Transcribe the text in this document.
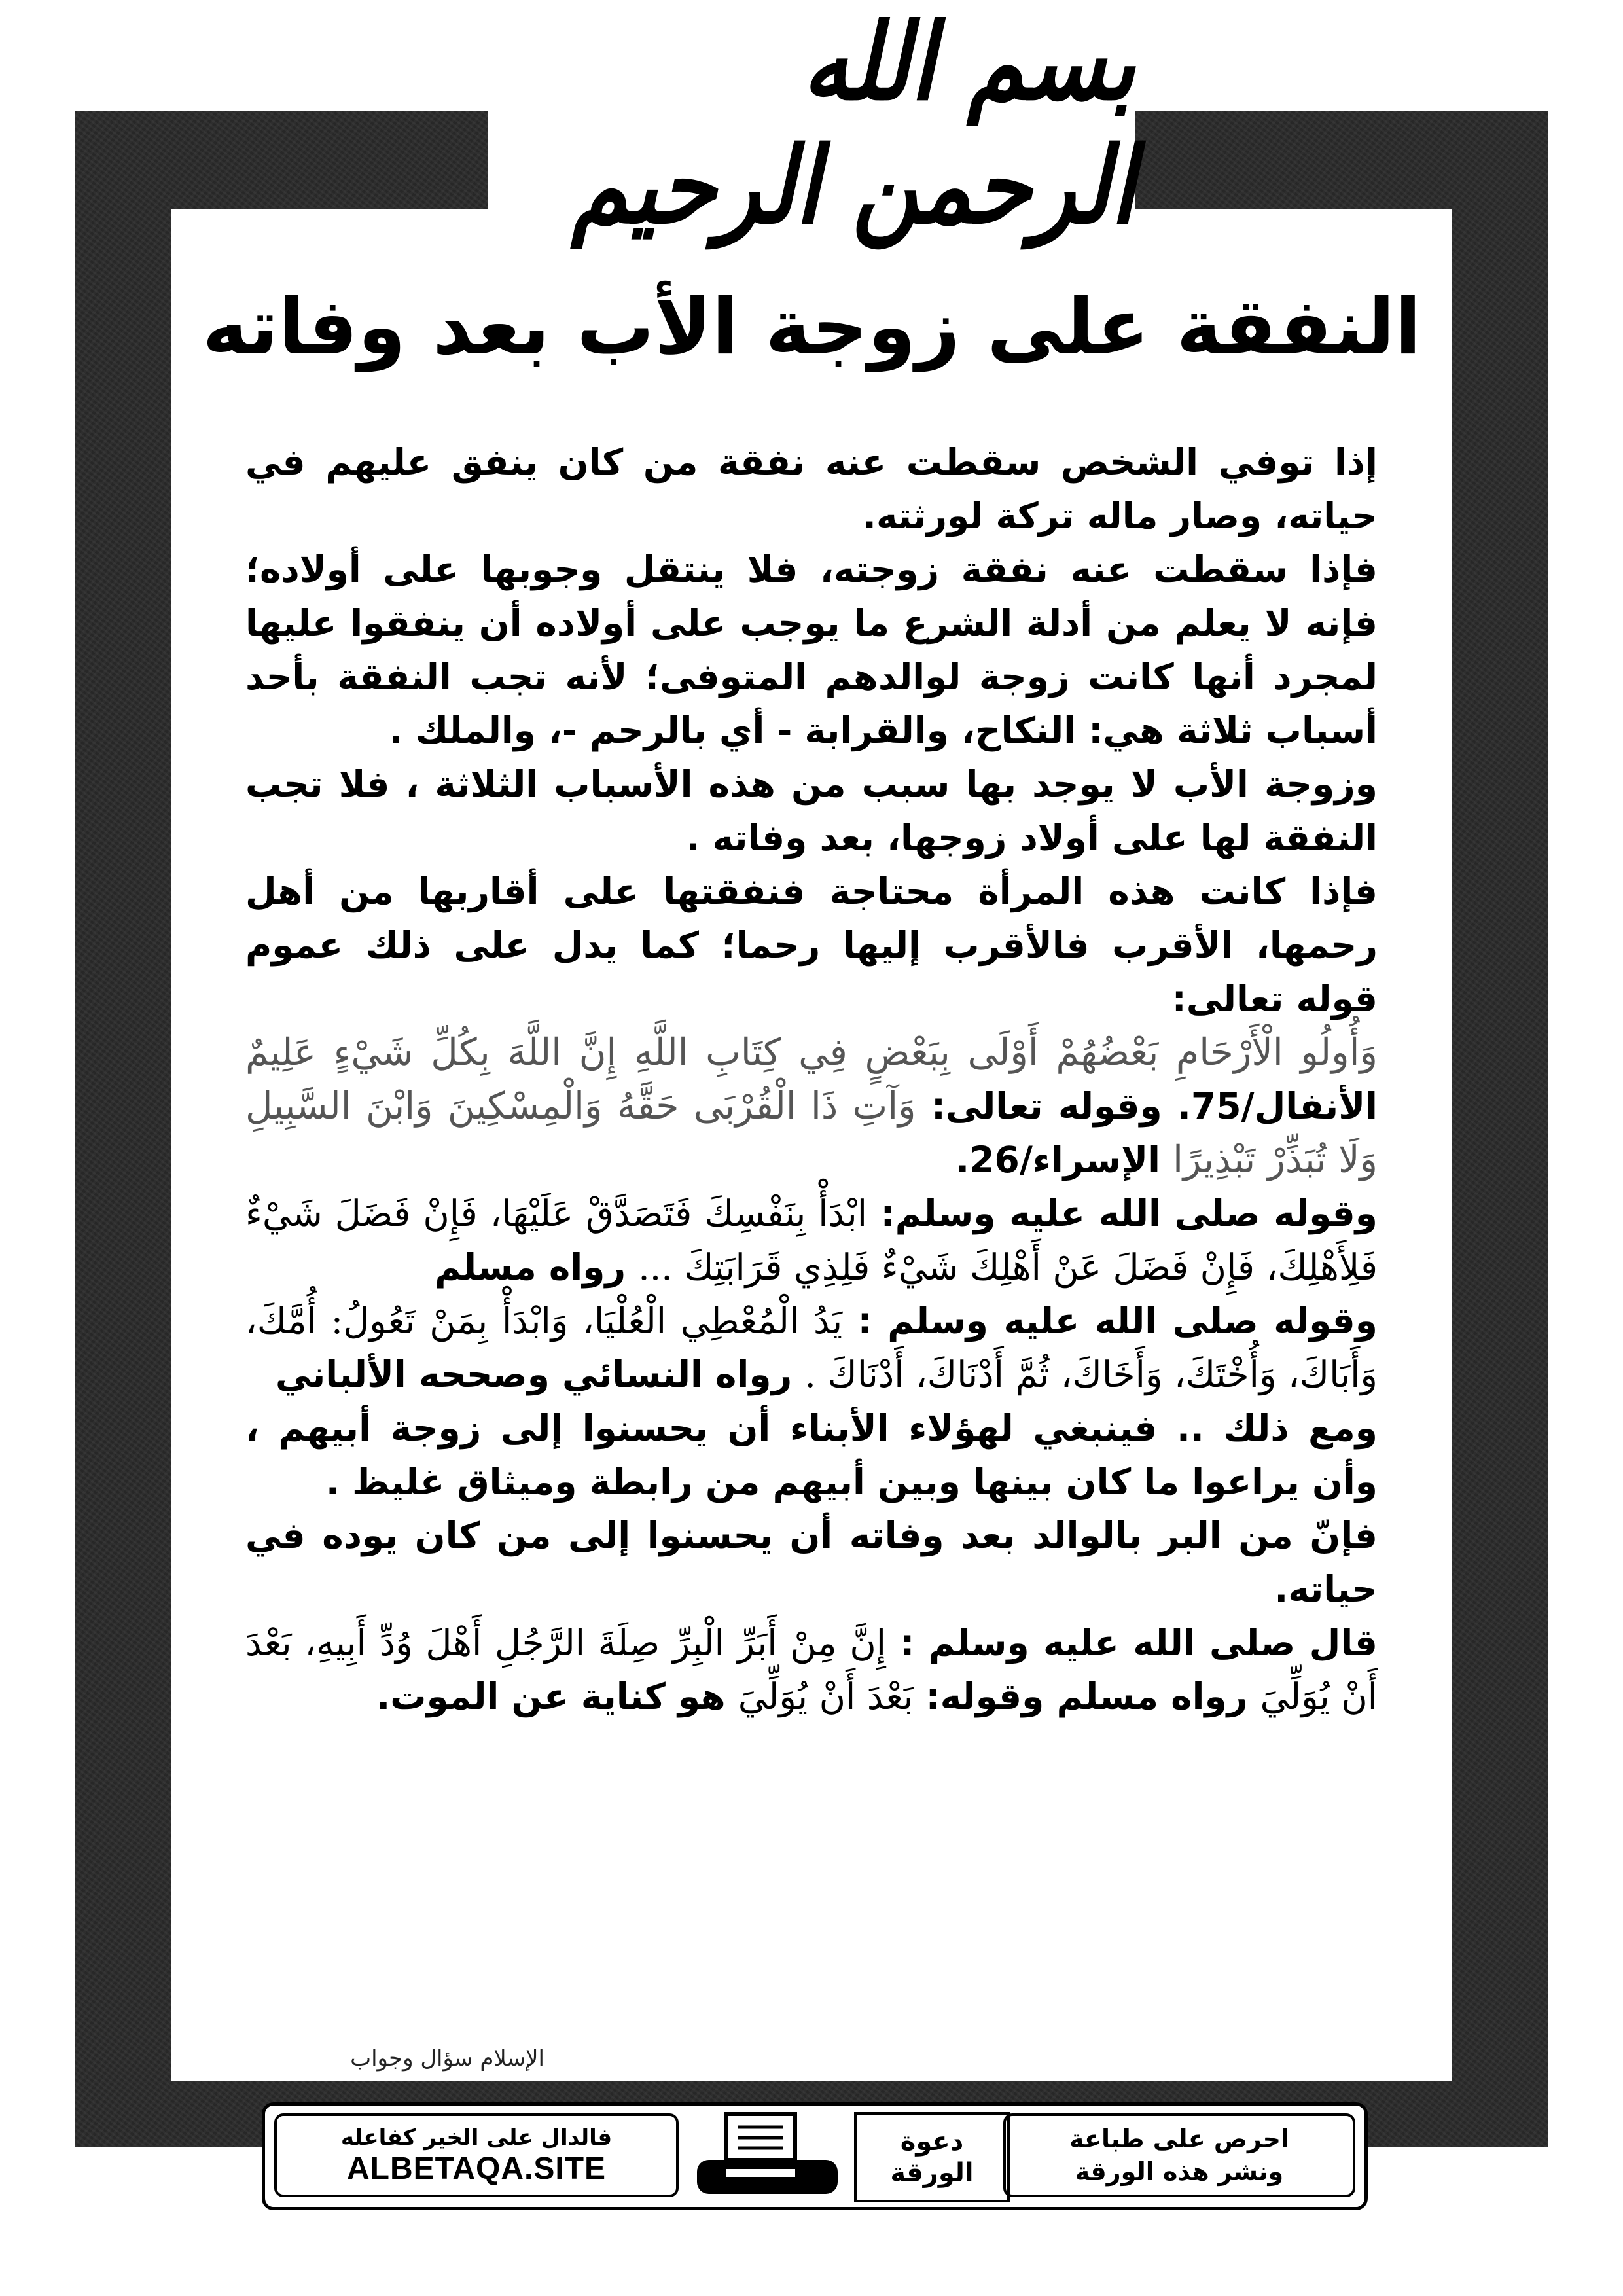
بسم الله الرحمن الرحيم
النفقة على زوجة الأب بعد وفاته

إذا توفي الشخص سقطت عنه نفقة من كان ينفق عليهم في حياته، وصار ماله تركة لورثته.

فإذا سقطت عنه نفقة زوجته، فلا ينتقل وجوبها على أولاده؛ فإنه لا يعلم من أدلة الشرع ما يوجب على أولاده أن ينفقوا عليها لمجرد أنها كانت زوجة لوالدهم المتوفى؛ لأنه تجب النفقة بأحد أسباب ثلاثة هي: النكاح، والقرابة - أي بالرحم -، والملك .

وزوجة الأب لا يوجد بها سبب من هذه الأسباب الثلاثة ، فلا تجب النفقة لها على أولاد زوجها، بعد وفاته .

فإذا كانت هذه المرأة محتاجة فنفقتها على أقاربها من أهل رحمها، الأقرب فالأقرب إليها رحما؛ كما يدل على ذلك عموم قوله تعالى:

وَأُولُو الْأَرْحَامِ بَعْضُهُمْ أَوْلَى بِبَعْضٍ فِي كِتَابِ اللَّهِ إِنَّ اللَّهَ بِكُلِّ شَيْءٍ عَلِيمٌ الأنفال/75. وقوله تعالى: وَآتِ ذَا الْقُرْبَى حَقَّهُ وَالْمِسْكِينَ وَابْنَ السَّبِيلِ وَلَا تُبَذِّرْ تَبْذِيرًا الإسراء/26.

وقوله صلى الله عليه وسلم: ابْدَأْ بِنَفْسِكَ فَتَصَدَّقْ عَلَيْهَا، فَإِنْ فَضَلَ شَيْءٌ فَلِأَهْلِكَ، فَإِنْ فَضَلَ عَنْ أَهْلِكَ شَيْءٌ فَلِذِي قَرَابَتِكَ ... رواه مسلم

وقوله صلى الله عليه وسلم : يَدُ الْمُعْطِي الْعُلْيَا، وَابْدَأْ بِمَنْ تَعُولُ: أُمَّكَ، وَأَبَاكَ، وَأُخْتَكَ، وَأَخَاكَ، ثُمَّ أَدْنَاكَ، أَدْنَاكَ . رواه النسائي وصححه الألباني

ومع ذلك .. فينبغي لهؤلاء الأبناء أن يحسنوا إلى زوجة أبيهم ، وأن يراعوا ما كان بينها وبين أبيهم من رابطة وميثاق غليظ .

فإنّ من البر بالوالد بعد وفاته أن يحسنوا إلى من كان يوده في حياته.

قال صلى الله عليه وسلم : إِنَّ مِنْ أَبَرِّ الْبِرِّ صِلَةَ الرَّجُلِ أَهْلَ وُدِّ أَبِيهِ، بَعْدَ أَنْ يُوَلِّيَ رواه مسلم وقوله: بَعْدَ أَنْ يُوَلِّيَ هو كناية عن الموت.

الإسلام سؤال وجواب
فالدال على الخير كفاعله
ALBETAQA.SITE
دعوة
الورقة
احرص على طباعة
ونشر هذه الورقة
